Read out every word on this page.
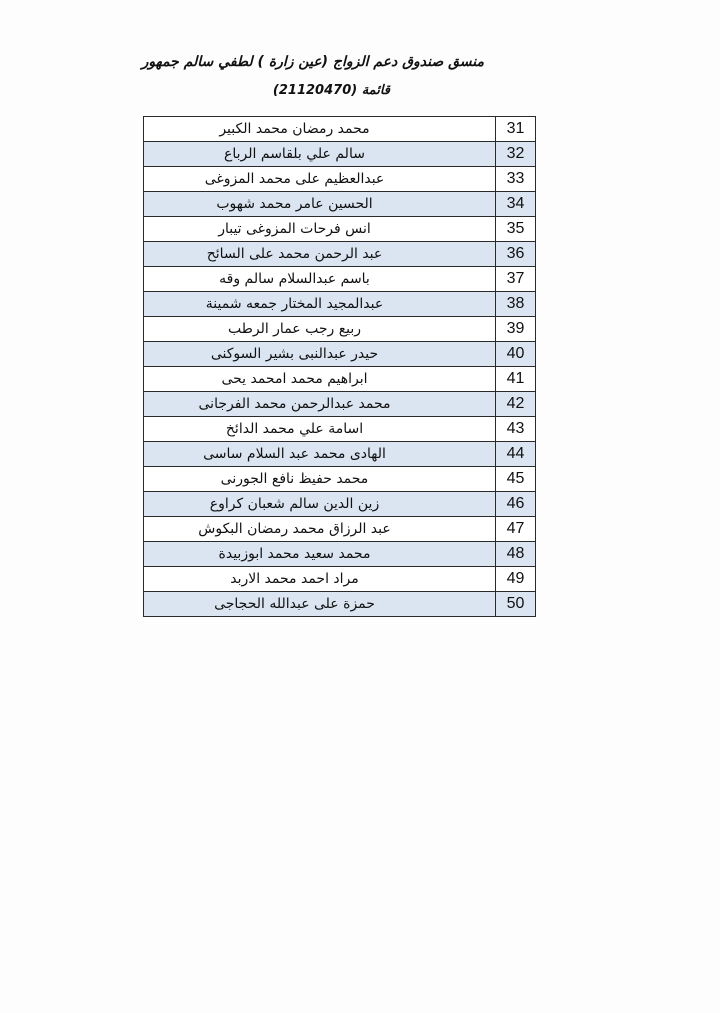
منسق صندوق دعم الزواج (عين زارة ) لطفي سالم جمهور
قائمة (21120470)
محمد رمضان محمد الكبير	31
سالم علي بلقاسم الرباع	32
عبدالعظيم على محمد المزوغى	33
الحسين عامر محمد شهوب	34
انس فرحات المزوغى تيبار	35
عبد الرحمن محمد على السائح	36
باسم عبدالسلام سالم وقه	37
عبدالمجيد المختار جمعه شمينة	38
ربيع رجب عمار الرطب	39
حيدر عبدالنبى بشير السوكنى	40
ابراهيم محمد امحمد يحى	41
محمد عبدالرحمن محمد الفرجانى	42
اسامة علي محمد الدائخ	43
الهادى محمد عبد السلام ساسى	44
محمد حفيظ نافع الجورنى	45
زين الدين سالم شعبان كراوع	46
عبد الرزاق محمد رمضان البكوش	47
محمد سعيد محمد ابوزبيدة	48
مراد احمد محمد الاربد	49
حمزة على عبدالله الحجاجى	50
